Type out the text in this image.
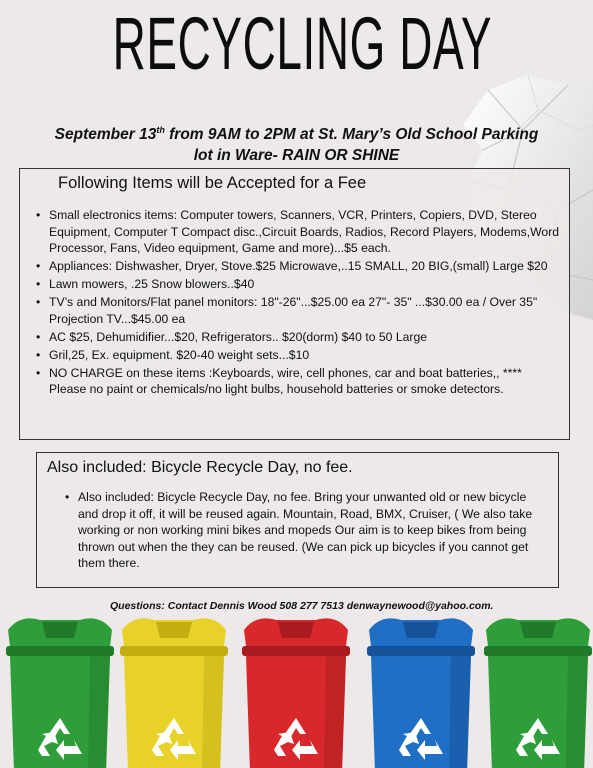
RECYCLING DAY
September 13th from 9AM to 2PM at St. Mary’s Old School Parking
lot in Ware- RAIN OR SHINE

Following Items will be Accepted for a Fee

• Small electronics items: Computer towers, Scanners, VCR, Printers, Copiers, DVD, Stereo Equipment, Computer T Compact disc.,Circuit Boards, Radios, Record Players, Modems,Word Processor, Fans, Video equipment, Game and more)...$5 each.
• Appliances: Dishwasher, Dryer, Stove.$25 Microwave,..15 SMALL, 20 BIG,(small) Large $20
• Lawn mowers, .25 Snow blowers..$40
• TV’s and Monitors/Flat panel monitors: 18"-26"...$25.00 ea 27"- 35" ...$30.00 ea / Over 35" Projection TV...$45.00 ea
• AC $25, Dehumidifier...$20, Refrigerators.. $20(dorm) $40 to 50 Large
• Gril,25, Ex. equipment. $20-40 weight sets...$10
• NO CHARGE on these items :Keyboards, wire, cell phones, car and boat batteries,, **** Please no paint or chemicals/no light bulbs, household batteries or smoke detectors.

Also included: Bicycle Recycle Day, no fee.

• Also included: Bicycle Recycle Day, no fee. Bring your unwanted old or new bicycle and drop it off, it will be reused again. Mountain, Road, BMX, Cruiser, ( We also take working or non working mini bikes and mopeds Our aim is to keep bikes from being thrown out when the they can be reused. (We can pick up bicycles if you cannot get them there.
Questions: Contact Dennis Wood 508 277 7513 denwaynewood@yahoo.com.
